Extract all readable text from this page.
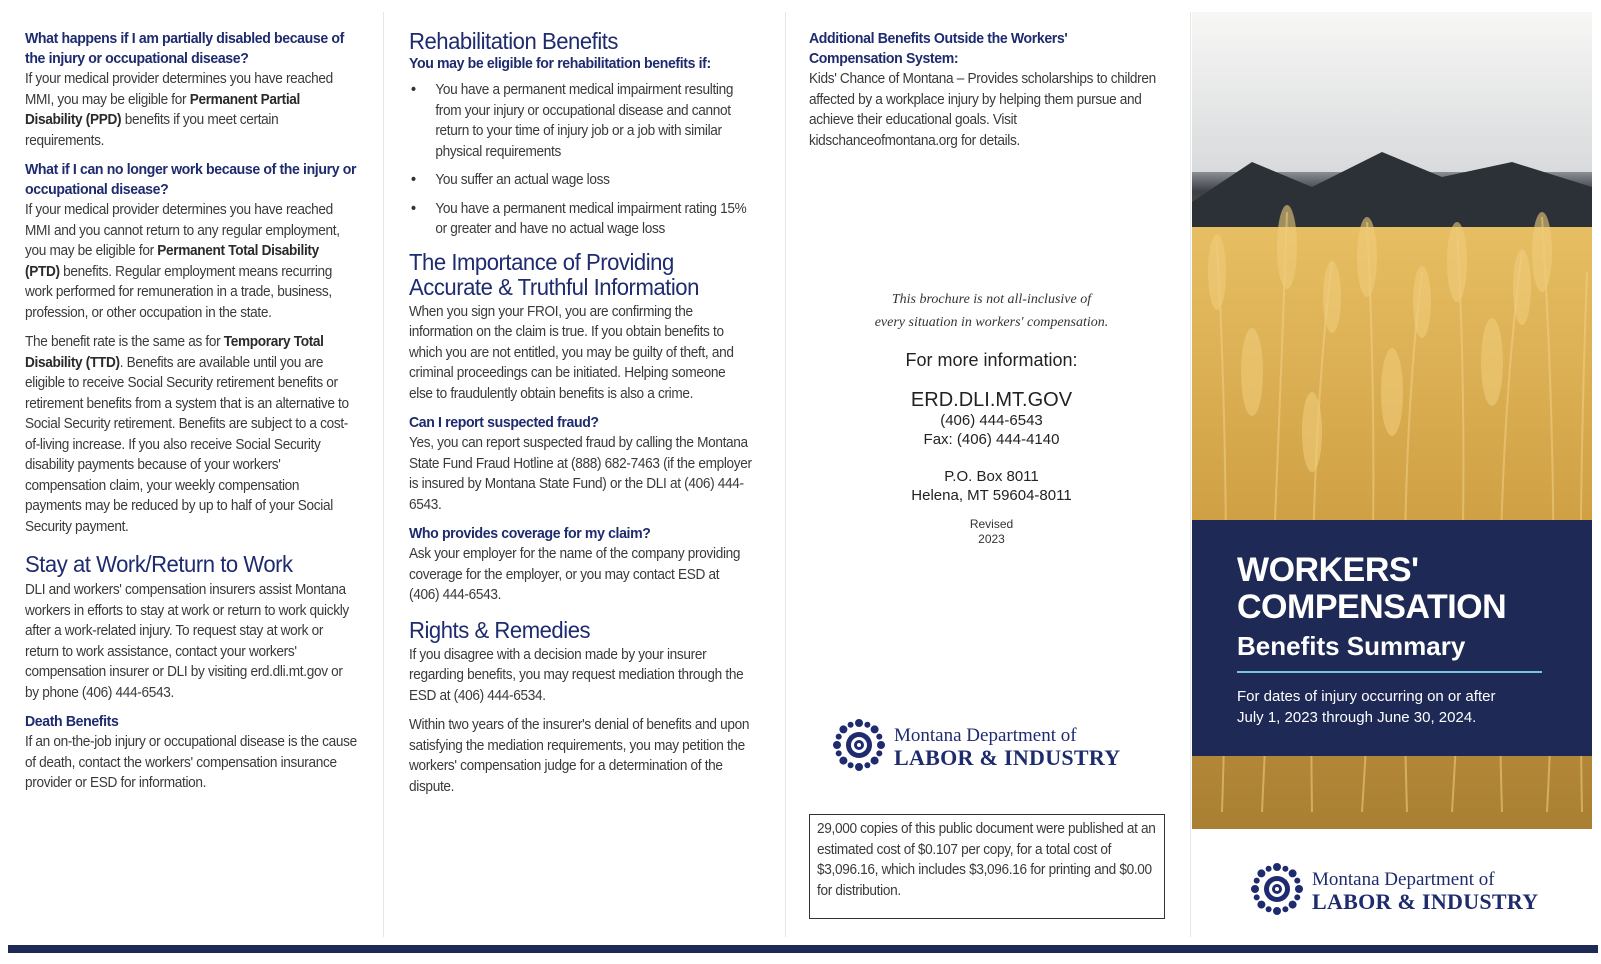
What happens if I am partially disabled because of the injury or occupational disease?

If your medical provider determines you have reached MMI, you may be eligible for Permanent Partial Disability (PPD) benefits if you meet certain requirements.

What if I can no longer work because of the injury or occupational disease?

If your medical provider determines you have reached MMI and you cannot return to any regular employment, you may be eligible for Permanent Total Disability (PTD) benefits. Regular employment means recurring work performed for remuneration in a trade, business, profession, or other occupation in the state.

The benefit rate is the same as for Temporary Total Disability (TTD). Benefits are available until you are eligible to receive Social Security retirement benefits or retirement benefits from a system that is an alternative to Social Security retirement. Benefits are subject to a cost-of-living increase. If you also receive Social Security disability payments because of your workers' compensation claim, your weekly compensation payments may be reduced by up to half of your Social Security payment.

Stay at Work/Return to Work

DLI and workers' compensation insurers assist Montana workers in efforts to stay at work or return to work quickly after a work-related injury. To request stay at work or return to work assistance, contact your workers' compensation insurer or DLI by visiting erd.dli.mt.gov or by phone (406) 444-6543.

Death Benefits

If an on-the-job injury or occupational disease is the cause of death, contact the workers' compensation insurance provider or ESD for information.

Rehabilitation Benefits

You may be eligible for rehabilitation benefits if:

• You have a permanent medical impairment resulting from your injury or occupational disease and cannot return to your time of injury job or a job with similar physical requirements
• You suffer an actual wage loss
• You have a permanent medical impairment rating 15% or greater and have no actual wage loss

The Importance of Providing Accurate & Truthful Information

When you sign your FROI, you are confirming the information on the claim is true. If you obtain benefits to which you are not entitled, you may be guilty of theft, and criminal proceedings can be initiated. Helping someone else to fraudulently obtain benefits is also a crime.

Can I report suspected fraud?

Yes, you can report suspected fraud by calling the Montana State Fund Fraud Hotline at (888) 682-7463 (if the employer is insured by Montana State Fund) or the DLI at (406) 444-6543.

Who provides coverage for my claim?

Ask your employer for the name of the company providing coverage for the employer, or you may contact ESD at (406) 444-6543.

Rights & Remedies

If you disagree with a decision made by your insurer regarding benefits, you may request mediation through the ESD at (406) 444-6534.

Within two years of the insurer's denial of benefits and upon satisfying the mediation requirements, you may petition the workers' compensation judge for a determination of the dispute.

Additional Benefits Outside the Workers' Compensation System:

Kids' Chance of Montana – Provides scholarships to children affected by a workplace injury by helping them pursue and achieve their educational goals. Visit kidschanceofmontana.org for details.

This brochure is not all-inclusive of

every situation in workers' compensation.

For more information:

ERD.DLI.MT.GOV

(406) 444-6543

Fax: (406) 444-4140

P.O. Box 8011

Helena, MT 59604-8011

Revised

2023

Montana Department of
LABOR & INDUSTRY

29,000 copies of this public document were published at an estimated cost of $0.107 per copy, for a total cost of $3,096.16, which includes $3,096.16 for printing and $0.00 for distribution.

WORKERS'
COMPENSATION
Benefits Summary
For dates of injury occurring on or after
July 1, 2023 through June 30, 2024.
Montana Department of
LABOR & INDUSTRY
